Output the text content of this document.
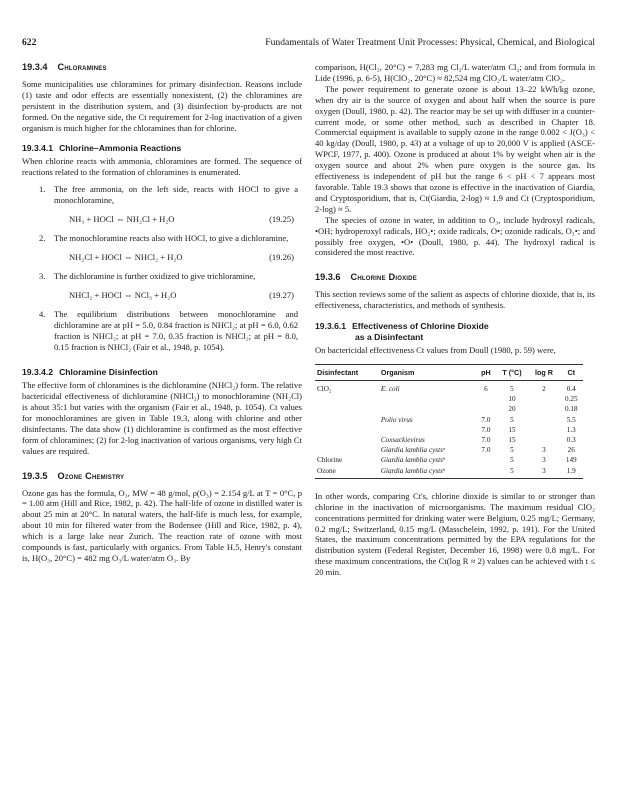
622	Fundamentals of Water Treatment Unit Processes: Physical, Chemical, and Biological
19.3.4 Chloramines

Some municipalities use chloramines for primary disinfection. Reasons include (1) taste and odor effects are essentially nonexistent, (2) the chloramines are persistent in the distribution system, and (3) disinfection by-products are not formed. On the negative side, the Ct requirement for 2-log inactivation of a given organism is much higher for the chloramines than for chlorine.

19.3.4.1 Chlorine–Ammonia Reactions

When chlorine reacts with ammonia, chloramines are formed. The sequence of reactions related to the formation of chloramines is enumerated.

1. The free ammonia, on the left side, reacts with HOCl to give a monochloramine,
NH₃ + HOCl ⇔ NH₂Cl + H₂O	(19.25)
2. The monochloramine reacts also with HOCl, to give a dichloramine,
NH₂Cl + HOCl ⇔ NHCl₂ + H₂O	(19.26)
3. The dichloramine is further oxidized to give trichloramine,
NHCl₂ + HOCl ⇔ NCl₃ + H₂O	(19.27)
4. The equilibrium distributions between monochloramine and dichloramine are at pH = 5.0, 0.84 fraction is NHCl₂; at pH = 6.0, 0.62 fraction is NHCl₂; at pH = 7.0, 0.35 fraction is NHCl₂; at pH = 8.0, 0.15 fraction is NHCl₂ (Fair et al., 1948, p. 1054).
19.3.4.2 Chloramine Disinfection

The effective form of chloramines is the dichloramine (NHCl₂) form. The relative bactericidal effectiveness of dichloramine (NHCl₂) to monochloramine (NH₂Cl) is about 35:1 but varies with the organism (Fair et al., 1948, p. 1054). Ct values for monochloramines are given in Table 19.3, along with chlorine and other disinfectants. The data show (1) dichloramine is confirmed as the most effective form of chloramines; (2) for 2-log inactivation of various organisms, very high Ct values are required.

19.3.5 Ozone Chemistry

Ozone gas has the formula, O₃, MW = 48 g/mol, ρ(O₃) = 2.154 g/L at T = 0°C, p = 1.00 atm (Hill and Rice, 1982, p. 42). The half-life of ozone in distilled water is about 25 min at 20°C. In natural waters, the half-life is much less, for example, about 10 min for filtered water from the Bodensee (Hill and Rice, 1982, p. 4), which is a large lake near Zurich. The reaction rate of ozone with most compounds is fast, particularly with organics. From Table H.5, Henry's constant is, H(O₃, 20°C) = 482 mg O₃/L water/atm O₃. By

comparison, H(Cl₂, 20°C) = 7,283 mg Cl₂/L water/atm Cl₂; and from formula in Lide (1996, p. 6-5), H(ClO₂, 20°C) ≈ 82,524 mg ClO₂/L water/atm ClO₂.

The power requirement to generate ozone is about 13–22 kWh/kg ozone, when dry air is the source of oxygen and about half when the source is pure oxygen (Doull, 1980, p. 42). The reactor may be set up with diffuser in a counter-current mode, or some other method, such as described in Chapter 18. Commercial equipment is available to supply ozone in the range 0.002 < J(O₃) < 40 kg/day (Doull, 1980, p. 43) at a voltage of up to 20,000 V is applied (ASCE-WPCF, 1977, p. 400). Ozone is produced at about 1% by weight when air is the oxygen source and about 2% when pure oxygen is the source gas. Its effectiveness is independent of pH but the range 6 < pH < 7 appears most favorable. Table 19.3 shows that ozone is effective in the inactivation of Giardia, and Cryptosporidium, that is, Ct(Giardia, 2-log) ≈ 1.9 and Ct (Cryptosporidium, 2-log) ≈ 5.

The species of ozone in water, in addition to O₃, include hydroxyl radicals, •OH; hydroperoxyl radicals, HO₂•; oxide radicals, O•; ozonide radicals, O₃•; and possibly free oxygen, •O• (Doull, 1980, p. 44). The hydroxyl radical is considered the most reactive.

19.3.6 Chlorine Dioxide

This section reviews some of the salient as aspects of chlorine dioxide, that is, its effectiveness, characteristics, and methods of synthesis.

19.3.6.1 Effectiveness of Chlorine Dioxide
as a Disinfectant

On bactericidal effectiveness Ct values from Doull (1980, p. 59) were,

Disinfectant	Organism	pH	T (°C)	log R	Ct
ClO₂	E. coli	6	5	2	0.4
			10		0.25
			20		0.18
	Polio virus	7.0	5		5.5
		7.0	15		1.3
	Coxsackievirus	7.0	15		0.3
	Giardia lamblia cystsᵃ	7.0	5	3	26
Chlorine	Giardia lamblia cystsᵇ		5	3	149
Ozone	Giardia lamblia cystsᵇ		5	3	1.9

In other words, comparing Ct's, chlorine dioxide is similar to or stronger than chlorine in the inactivation of microorganisms. The maximum residual ClO₂ concentrations permitted for drinking water were Belgium, 0.25 mg/L; Germany, 0.2 mg/L; Switzerland, 0.15 mg/L (Masschelein, 1992, p. 191). For the United States, the maximum concentrations permitted by the EPA regulations for the distribution system (Federal Register, December 16, 1998) were 0.8 mg/L. For these maximum concentrations, the Ct(log R ≈ 2) values can be achieved with t ≤ 20 min.
